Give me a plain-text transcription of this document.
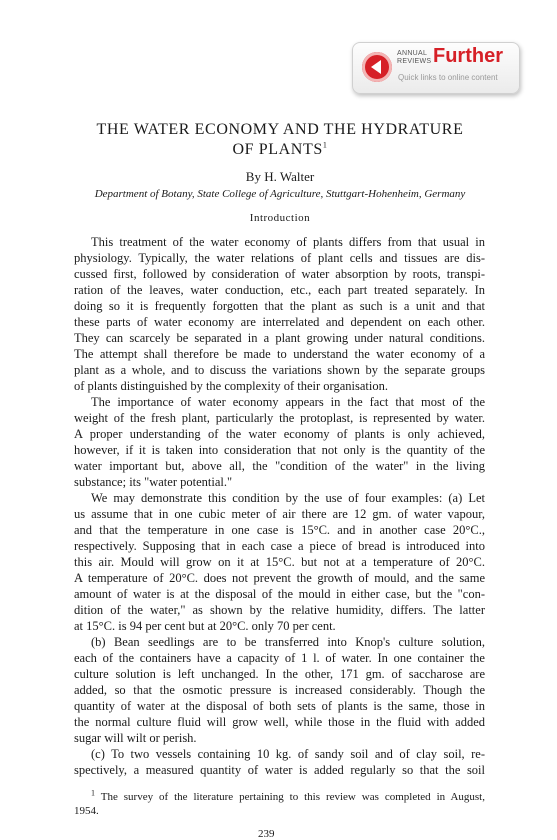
ANNUAL
REVIEWS Further
Quick links to online content
THE WATER ECONOMY AND THE HYDRATURE
OF PLANTS$^1$
By H. Walter
Department of Botany, State College of Agriculture, Stuttgart-Hohenheim, Germany
Introduction
This treatment of the water economy of plants differs from that usual in
physiology. Typically, the water relations of plant cells and tissues are dis-
cussed first, followed by consideration of water absorption by roots, transpi-
ration of the leaves, water conduction, etc., each part treated separately. In
doing so it is frequently forgotten that the plant as such is a unit and that
these parts of water economy are interrelated and dependent on each other.
They can scarcely be separated in a plant growing under natural conditions.
The attempt shall therefore be made to understand the water economy of a
plant as a whole, and to discuss the variations shown by the separate groups
of plants distinguished by the complexity of their organisation.
The importance of water economy appears in the fact that most of the
weight of the fresh plant, particularly the protoplast, is represented by water.
A proper understanding of the water economy of plants is only achieved,
however, if it is taken into consideration that not only is the quantity of the
water important but, above all, the "condition of the water" in the living
substance; its "water potential."
We may demonstrate this condition by the use of four examples: (a) Let
us assume that in one cubic meter of air there are 12 gm. of water vapour,
and that the temperature in one case is 15°C. and in another case 20°C.,
respectively. Supposing that in each case a piece of bread is introduced into
this air. Mould will grow on it at 15°C. but not at a temperature of 20°C.
A temperature of 20°C. does not prevent the growth of mould, and the same
amount of water is at the disposal of the mould in either case, but the "con-
dition of the water," as shown by the relative humidity, differs. The latter
at 15°C. is 94 per cent but at 20°C. only 70 per cent.
(b) Bean seedlings are to be transferred into Knop's culture solution,
each of the containers have a capacity of 1 l. of water. In one container the
culture solution is left unchanged. In the other, 171 gm. of saccharose are
added, so that the osmotic pressure is increased considerably. Though the
quantity of water at the disposal of both sets of plants is the same, those in
the normal culture fluid will grow well, while those in the fluid with added
sugar will wilt or perish.
(c) To two vessels containing 10 kg. of sandy soil and of clay soil, re-
spectively, a measured quantity of water is added regularly so that the soil
$^1$ The survey of the literature pertaining to this review was completed in August,
1954.
239
